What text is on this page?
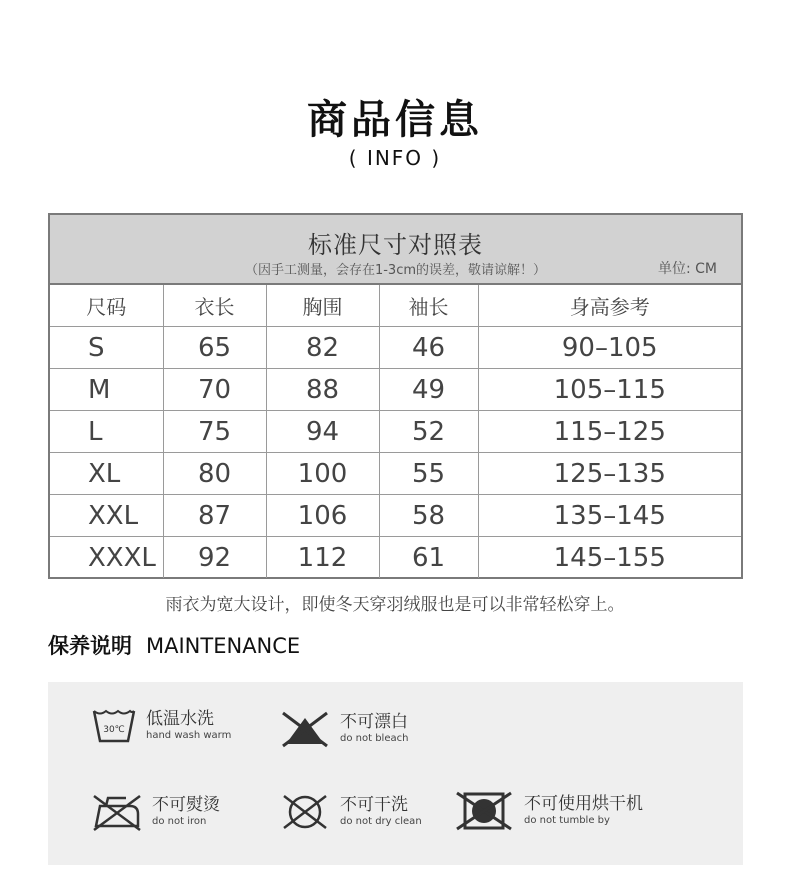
商品信息
( INFO )
标准尺寸对照表
（因手工测量，会存在1-3cm的误差，敬请谅解！）	单位: CM
尺码	衣长	胸围	袖长	身高参考
S	65	82	46	90–105
M	70	88	49	105–115
L	75	94	52	115–125
XL	80	100	55	125–135
XXL	87	106	58	135–145
XXXL	92	112	61	145–155
雨衣为宽大设计，即使冬天穿羽绒服也是可以非常轻松穿上。
保养说明 MAINTENANCE
30℃
低温水洗
hand wash warm
不可漂白
do not bleach
不可熨烫
do not iron
不可干洗
do not dry clean
不可使用烘干机
do not tumble by
